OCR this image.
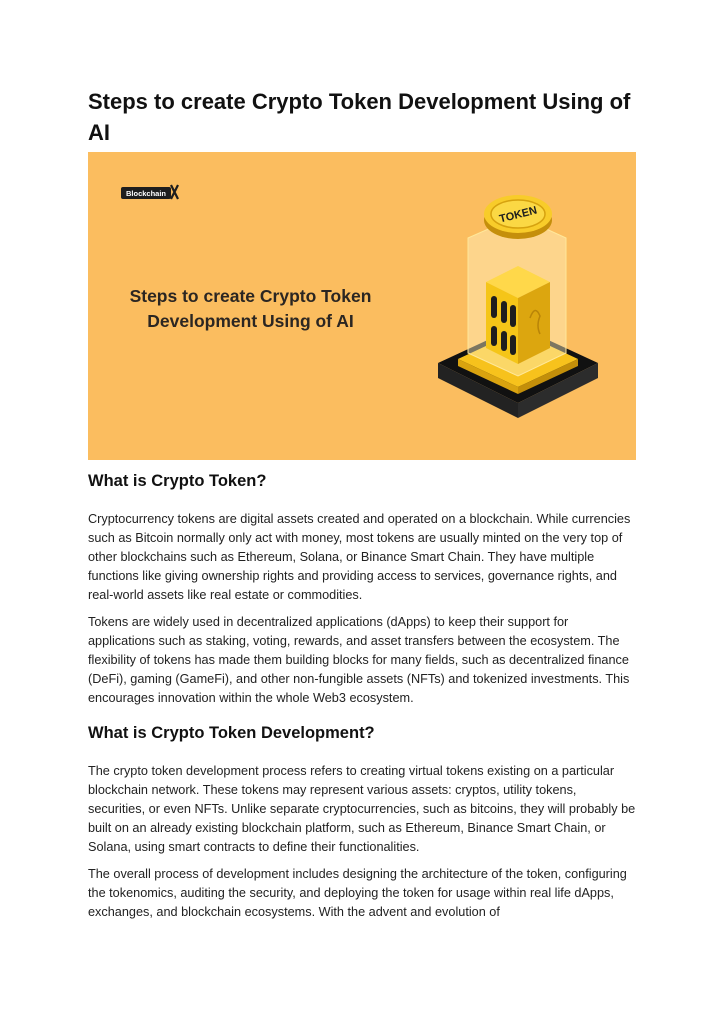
Steps to create Crypto Token Development Using of AI
Blockchain
Steps to create Crypto Token Development Using of AI
TOKEN
What is Crypto Token?

Cryptocurrency tokens are digital assets created and operated on a blockchain. While currencies such as Bitcoin normally only act with money, most tokens are usually minted on the very top of other blockchains such as Ethereum, Solana, or Binance Smart Chain. They have multiple functions like giving ownership rights and providing access to services, governance rights, and real-world assets like real estate or commodities.

Tokens are widely used in decentralized applications (dApps) to keep their support for applications such as staking, voting, rewards, and asset transfers between the ecosystem. The flexibility of tokens has made them building blocks for many fields, such as decentralized finance (DeFi), gaming (GameFi), and other non-fungible assets (NFTs) and tokenized investments. This encourages innovation within the whole Web3 ecosystem.

What is Crypto Token Development?

The crypto token development process refers to creating virtual tokens existing on a particular blockchain network. These tokens may represent various assets: cryptos, utility tokens, securities, or even NFTs. Unlike separate cryptocurrencies, such as bitcoins, they will probably be built on an already existing blockchain platform, such as Ethereum, Binance Smart Chain, or Solana, using smart contracts to define their functionalities.

The overall process of development includes designing the architecture of the token, configuring the tokenomics, auditing the security, and deploying the token for usage within real life dApps, exchanges, and blockchain ecosystems. With the advent and evolution of
